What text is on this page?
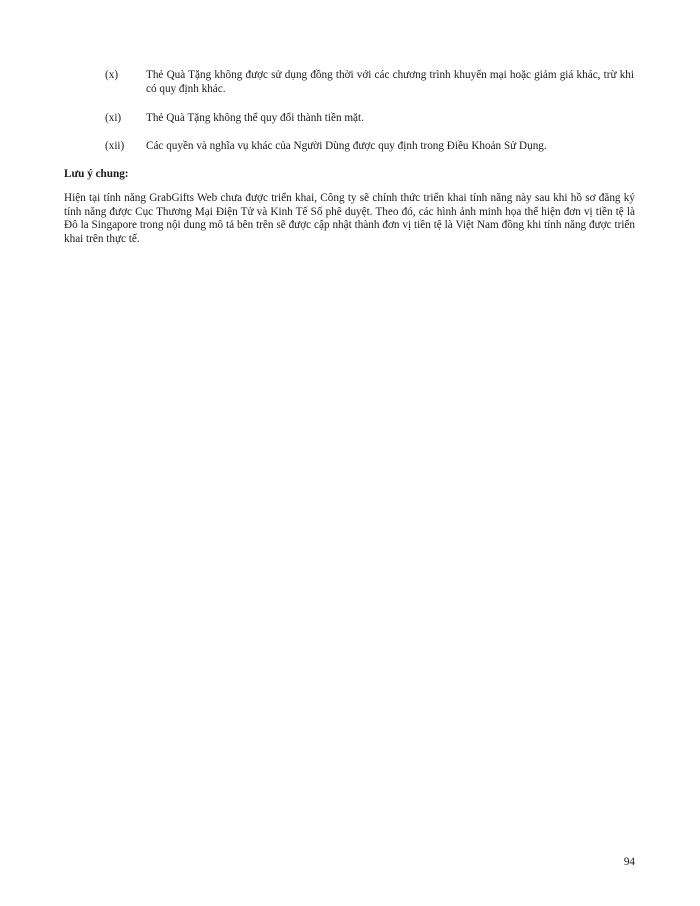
(x)	Thẻ Quà Tặng không được sử dụng đồng thời với các chương trình khuyến mại hoặc giảm giá khác, trừ khi có quy định khác.
(xi)	Thẻ Quà Tặng không thể quy đổi thành tiền mặt.
(xii)	Các quyền và nghĩa vụ khác của Người Dùng được quy định trong Điều Khoản Sử Dụng.
Lưu ý chung:
Hiện tại tính năng GrabGifts Web chưa được triển khai, Công ty sẽ chính thức triển khai tính năng này sau khi hồ sơ đăng ký tính năng được Cục Thương Mại Điện Tử và Kinh Tế Số phê duyệt. Theo đó, các hình ảnh minh họa thể hiện đơn vị tiền tệ là Đô la Singapore trong nội dung mô tả bên trên sẽ được cập nhật thành đơn vị tiền tệ là Việt Nam đồng khi tính năng được triển khai trên thực tế.
94
